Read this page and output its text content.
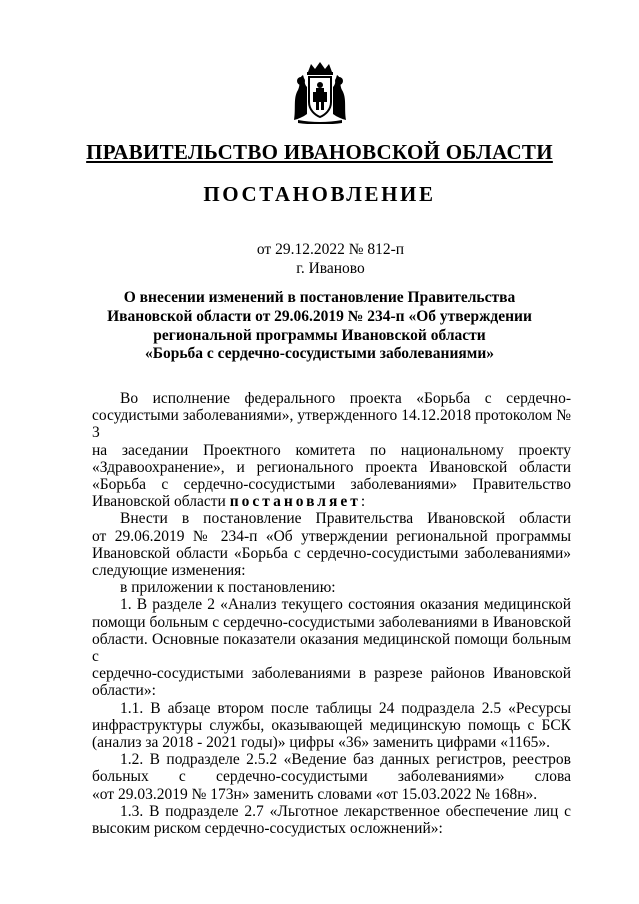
ПРАВИТЕЛЬСТВО ИВАНОВСКОЙ ОБЛАСТИ
ПОСТАНОВЛЕНИЕ
от 29.12.2022 № 812-п
г. Иваново
О внесении изменений в постановление Правительства
Ивановской области от 29.06.2019 № 234-п «Об утверждении
региональной программы Ивановской области
«Борьба с сердечно-сосудистыми заболеваниями»

Во исполнение федерального проекта «Борьба с сердечно-
сосудистыми заболеваниями», утвержденного 14.12.2018 протоколом № 3
на заседании Проектного комитета по национальному проекту
«Здравоохранение», и регионального проекта Ивановской области
«Борьба с сердечно-сосудистыми заболеваниями» Правительство
Ивановской области постановляет:

Внести в постановление Правительства Ивановской области
от 29.06.2019 № 234-п «Об утверждении региональной программы
Ивановской области «Борьба с сердечно-сосудистыми заболеваниями»
следующие изменения:

в приложении к постановлению:

1. В разделе 2 «Анализ текущего состояния оказания медицинской
помощи больным с сердечно-сосудистыми заболеваниями в Ивановской
области. Основные показатели оказания медицинской помощи больным с
сердечно-сосудистыми заболеваниями в разрезе районов Ивановской
области»:

1.1. В абзаце втором после таблицы 24 подраздела 2.5 «Ресурсы
инфраструктуры службы, оказывающей медицинскую помощь с БСК
(анализ за 2018 - 2021 годы)» цифры «36» заменить цифрами «1165».

1.2. В подразделе 2.5.2 «Ведение баз данных регистров, реестров
больных с сердечно-сосудистыми заболеваниями» слова
«от 29.03.2019 № 173н» заменить словами «от 15.03.2022 № 168н».

1.3. В подразделе 2.7 «Льготное лекарственное обеспечение лиц с
высоким риском сердечно-сосудистых осложнений»:
